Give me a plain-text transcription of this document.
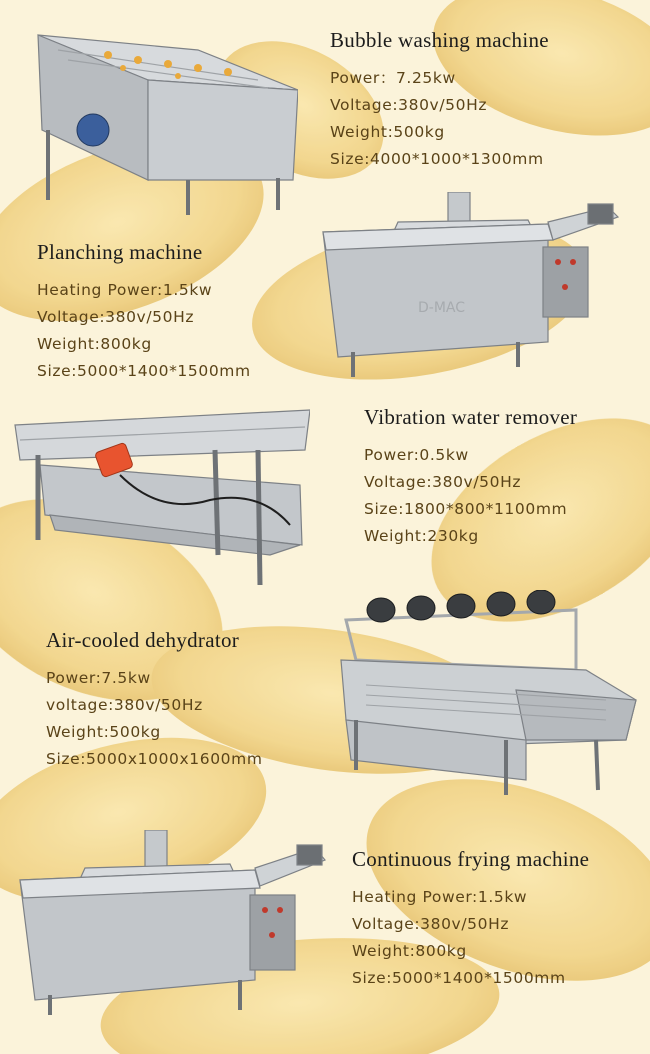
Bubble washing machine
Power：7.25kw
Voltage:380v/50Hz
Weight:500kg
Size:4000*1000*1300mm
Planching machine
Heating Power:1.5kw
Voltage:380v/50Hz
Weight:800kg
Size:5000*1400*1500mm
D-MAC
Vibration water remover
Power:0.5kw
Voltage:380v/50Hz
Size:1800*800*1100mm
Weight:230kg
Air-cooled dehydrator
Power:7.5kw
voltage:380v/50Hz
Weight:500kg
Size:5000x1000x1600mm
Continuous frying machine
Heating Power:1.5kw
Voltage:380v/50Hz
Weight:800kg
Size:5000*1400*1500mm
